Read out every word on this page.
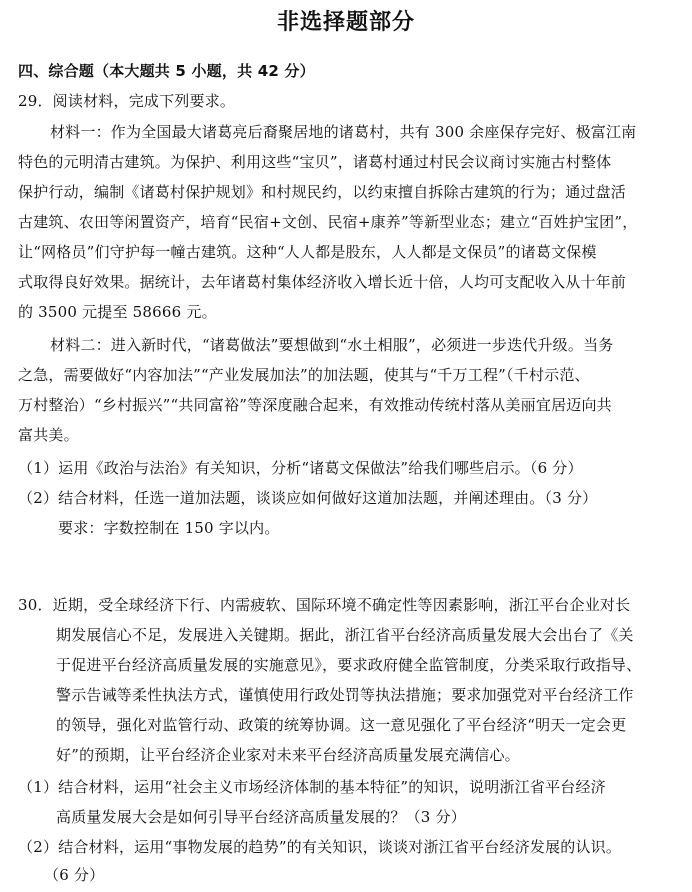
非选择题部分
四、综合题（本大题共 5 小题，共 42 分）
29．阅读材料，完成下列要求。
材料一：作为全国最大诸葛亮后裔聚居地的诸葛村，共有 300 余座保存完好、极富江南
特色的元明清古建筑。为保护、利用这些“宝贝”，诸葛村通过村民会议商讨实施古村整体
保护行动，编制《诸葛村保护规划》和村规民约，以约束擅自拆除古建筑的行为；通过盘活
古建筑、农田等闲置资产，培育“民宿+文创、民宿+康养”等新型业态；建立“百姓护宝团”，
让“网格员”们守护每一幢古建筑。这种“人人都是股东，人人都是文保员”的诸葛文保模
式取得良好效果。据统计，去年诸葛村集体经济收入增长近十倍，人均可支配收入从十年前
的 3500 元提至 58666 元。
材料二：进入新时代，“诸葛做法”要想做到“水土相服”，必须进一步迭代升级。当务
之急，需要做好“内容加法”“产业发展加法”的加法题，使其与“千万工程”（千村示范、
万村整治）“乡村振兴”“共同富裕”等深度融合起来，有效推动传统村落从美丽宜居迈向共
富共美。
（1）运用《政治与法治》有关知识，分析“诸葛文保做法”给我们哪些启示。（6 分）
（2）结合材料，任选一道加法题，谈谈应如何做好这道加法题，并阐述理由。（3 分）
要求：字数控制在 150 字以内。
30．近期，受全球经济下行、内需疲软、国际环境不确定性等因素影响，浙江平台企业对长
期发展信心不足，发展进入关键期。据此，浙江省平台经济高质量发展大会出台了《关
于促进平台经济高质量发展的实施意见》，要求政府健全监管制度，分类采取行政指导、
警示告诫等柔性执法方式，谨慎使用行政处罚等执法措施；要求加强党对平台经济工作
的领导，强化对监管行动、政策的统筹协调。这一意见强化了平台经济“明天一定会更
好”的预期，让平台经济企业家对未来平台经济高质量发展充满信心。
（1）结合材料，运用“社会主义市场经济体制的基本特征”的知识，说明浙江省平台经济
高质量发展大会是如何引导平台经济高质量发展的？（3 分）
（2）结合材料，运用“事物发展的趋势”的有关知识，谈谈对浙江省平台经济发展的认识。
（6 分）
